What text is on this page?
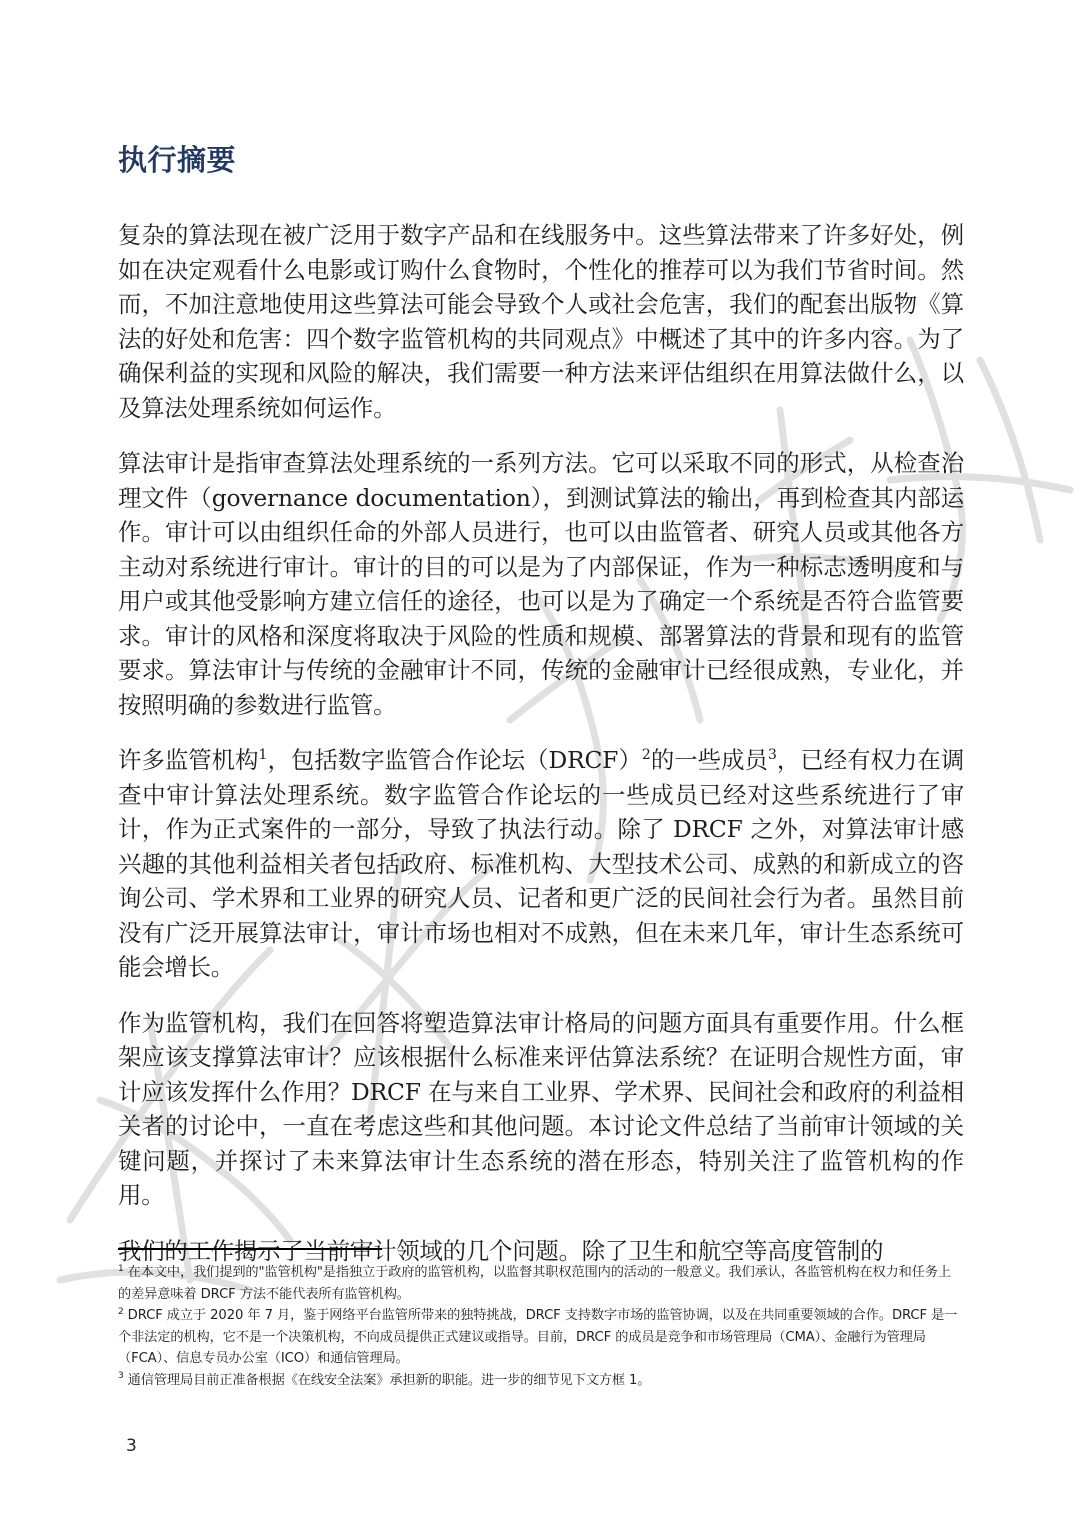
执行摘要

复杂的算法现在被广泛用于数字产品和在线服务中。这些算法带来了许多好处，例如在决定观看什么电影或订购什么食物时，个性化的推荐可以为我们节省时间。然而，不加注意地使用这些算法可能会导致个人或社会危害，我们的配套出版物《算法的好处和危害：四个数字监管机构的共同观点》中概述了其中的许多内容。为了确保利益的实现和风险的解决，我们需要一种方法来评估组织在用算法做什么，以及算法处理系统如何运作。

算法审计是指审查算法处理系统的一系列方法。它可以采取不同的形式，从检查治理文件（governance documentation），到测试算法的输出，再到检查其内部运作。审计可以由组织任命的外部人员进行，也可以由监管者、研究人员或其他各方主动对系统进行审计。审计的目的可以是为了内部保证，作为一种标志透明度和与用户或其他受影响方建立信任的途径，也可以是为了确定一个系统是否符合监管要求。审计的风格和深度将取决于风险的性质和规模、部署算法的背景和现有的监管要求。算法审计与传统的金融审计不同，传统的金融审计已经很成熟，专业化，并按照明确的参数进行监管。

许多监管机构$^1$，包括数字监管合作论坛（DRCF）$^2$的一些成员$^3$，已经有权力在调查中审计算法处理系统。数字监管合作论坛的一些成员已经对这些系统进行了审计，作为正式案件的一部分，导致了执法行动。除了 DRCF 之外，对算法审计感兴趣的其他利益相关者包括政府、标准机构、大型技术公司、成熟的和新成立的咨询公司、学术界和工业界的研究人员、记者和更广泛的民间社会行为者。虽然目前没有广泛开展算法审计，审计市场也相对不成熟，但在未来几年，审计生态系统可能会增长。

作为监管机构，我们在回答将塑造算法审计格局的问题方面具有重要作用。什么框架应该支撑算法审计？应该根据什么标准来评估算法系统？在证明合规性方面，审计应该发挥什么作用？DRCF 在与来自工业界、学术界、民间社会和政府的利益相关者的讨论中，一直在考虑这些和其他问题。本讨论文件总结了当前审计领域的关键问题，并探讨了未来算法审计生态系统的潜在形态，特别关注了监管机构的作用。

我们的工作揭示了当前审计领域的几个问题。除了卫生和航空等高度管制的

$^1$ 在本文中，我们提到的"监管机构"是指独立于政府的监管机构，以监督其职权范围内的活动的一般意义。我们承认，各监管机构在权力和任务上的差异意味着 DRCF 方法不能代表所有监管机构。

$^2$ DRCF 成立于 2020 年 7 月，鉴于网络平台监管所带来的独特挑战，DRCF 支持数字市场的监管协调，以及在共同重要领域的合作。DRCF 是一个非法定的机构，它不是一个决策机构，不向成员提供正式建议或指导。目前，DRCF 的成员是竞争和市场管理局（CMA）、金融行为管理局（FCA）、信息专员办公室（ICO）和通信管理局。

$^3$ 通信管理局目前正准备根据《在线安全法案》承担新的职能。进一步的细节见下文方框 1。

3
